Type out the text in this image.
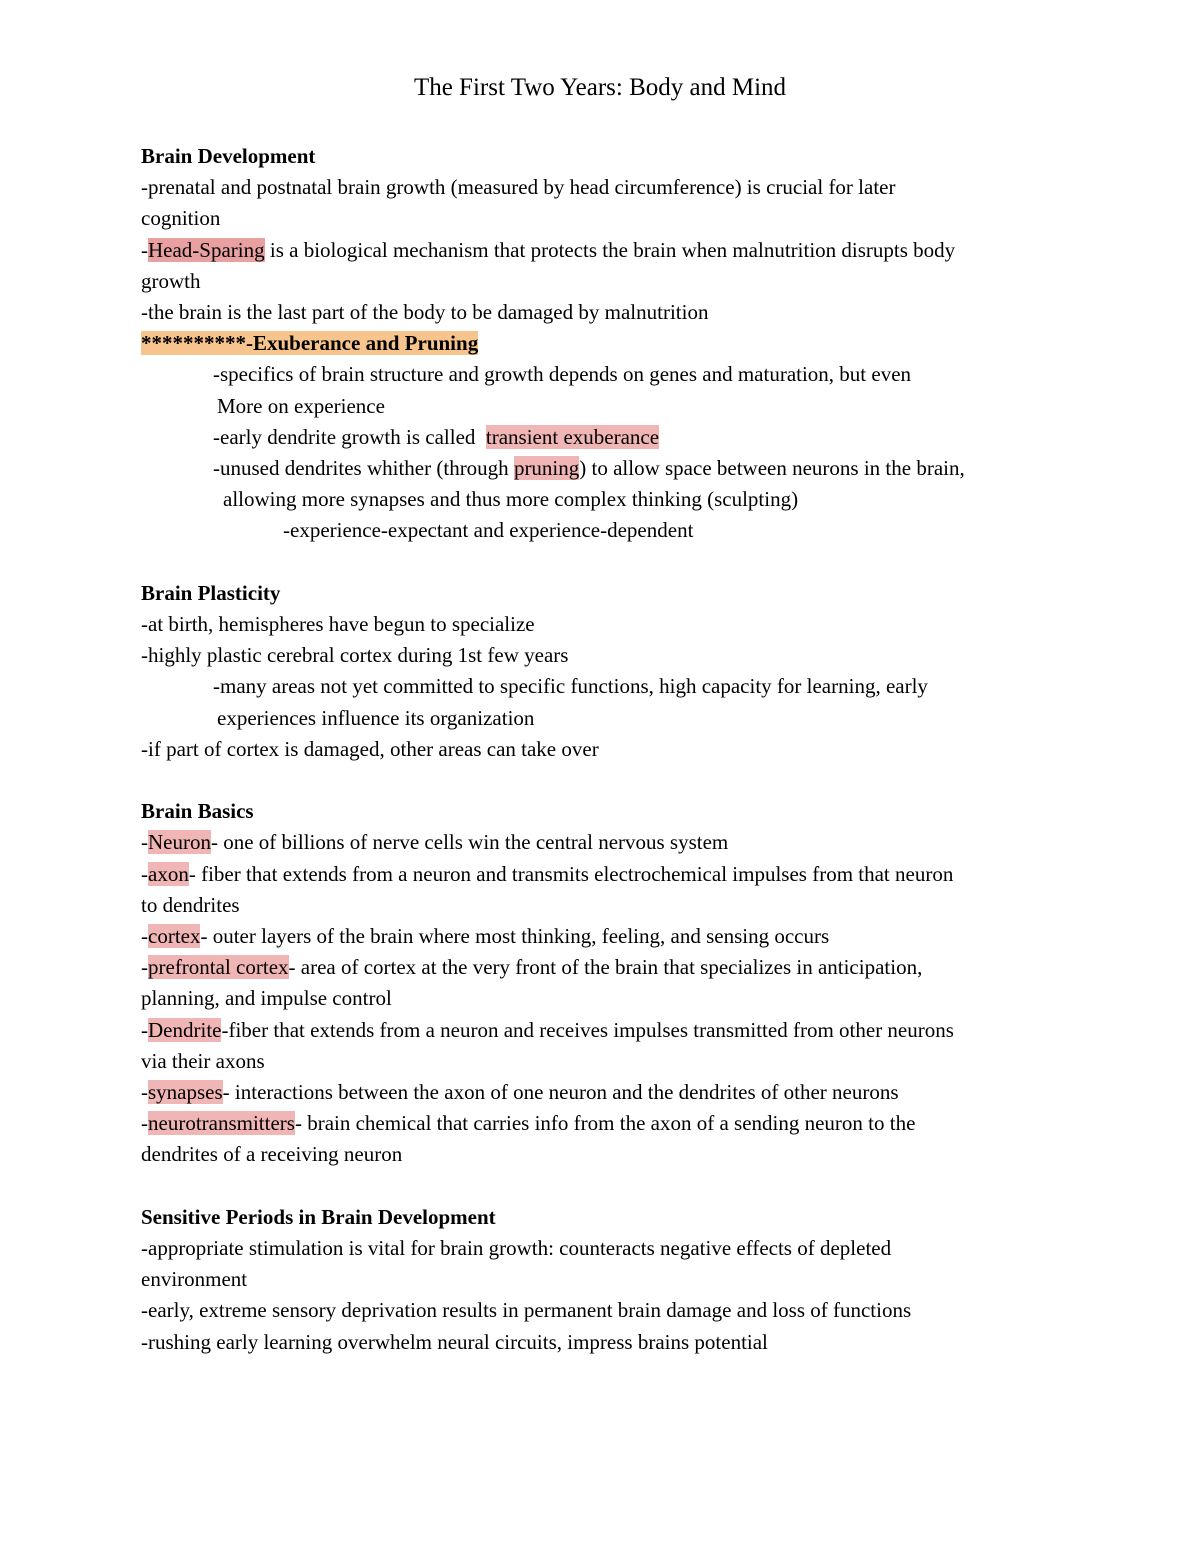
The First Two Years: Body and Mind
Brain Development
-prenatal and postnatal brain growth (measured by head circumference) is crucial for later
cognition
-Head-Sparing is a biological mechanism that protects the brain when malnutrition disrupts body
growth
-the brain is the last part of the body to be damaged by malnutrition
**********-Exuberance and Pruning
-specifics of brain structure and growth depends on genes and maturation, but even
More on experience
-early dendrite growth is called  transient exuberance
-unused dendrites whither (through pruning) to allow space between neurons in the brain,
allowing more synapses and thus more complex thinking (sculpting)
-experience-expectant and experience-dependent
Brain Plasticity
-at birth, hemispheres have begun to specialize
-highly plastic cerebral cortex during 1st few years
-many areas not yet committed to specific functions, high capacity for learning, early
experiences influence its organization
-if part of cortex is damaged, other areas can take over
Brain Basics
-Neuron- one of billions of nerve cells win the central nervous system
-axon- fiber that extends from a neuron and transmits electrochemical impulses from that neuron
to dendrites
-cortex- outer layers of the brain where most thinking, feeling, and sensing occurs
-prefrontal cortex- area of cortex at the very front of the brain that specializes in anticipation,
planning, and impulse control
-Dendrite-fiber that extends from a neuron and receives impulses transmitted from other neurons
via their axons
-synapses- interactions between the axon of one neuron and the dendrites of other neurons
-neurotransmitters- brain chemical that carries info from the axon of a sending neuron to the
dendrites of a receiving neuron
Sensitive Periods in Brain Development
-appropriate stimulation is vital for brain growth: counteracts negative effects of depleted
environment
-early, extreme sensory deprivation results in permanent brain damage and loss of functions
-rushing early learning overwhelm neural circuits, impress brains potential
